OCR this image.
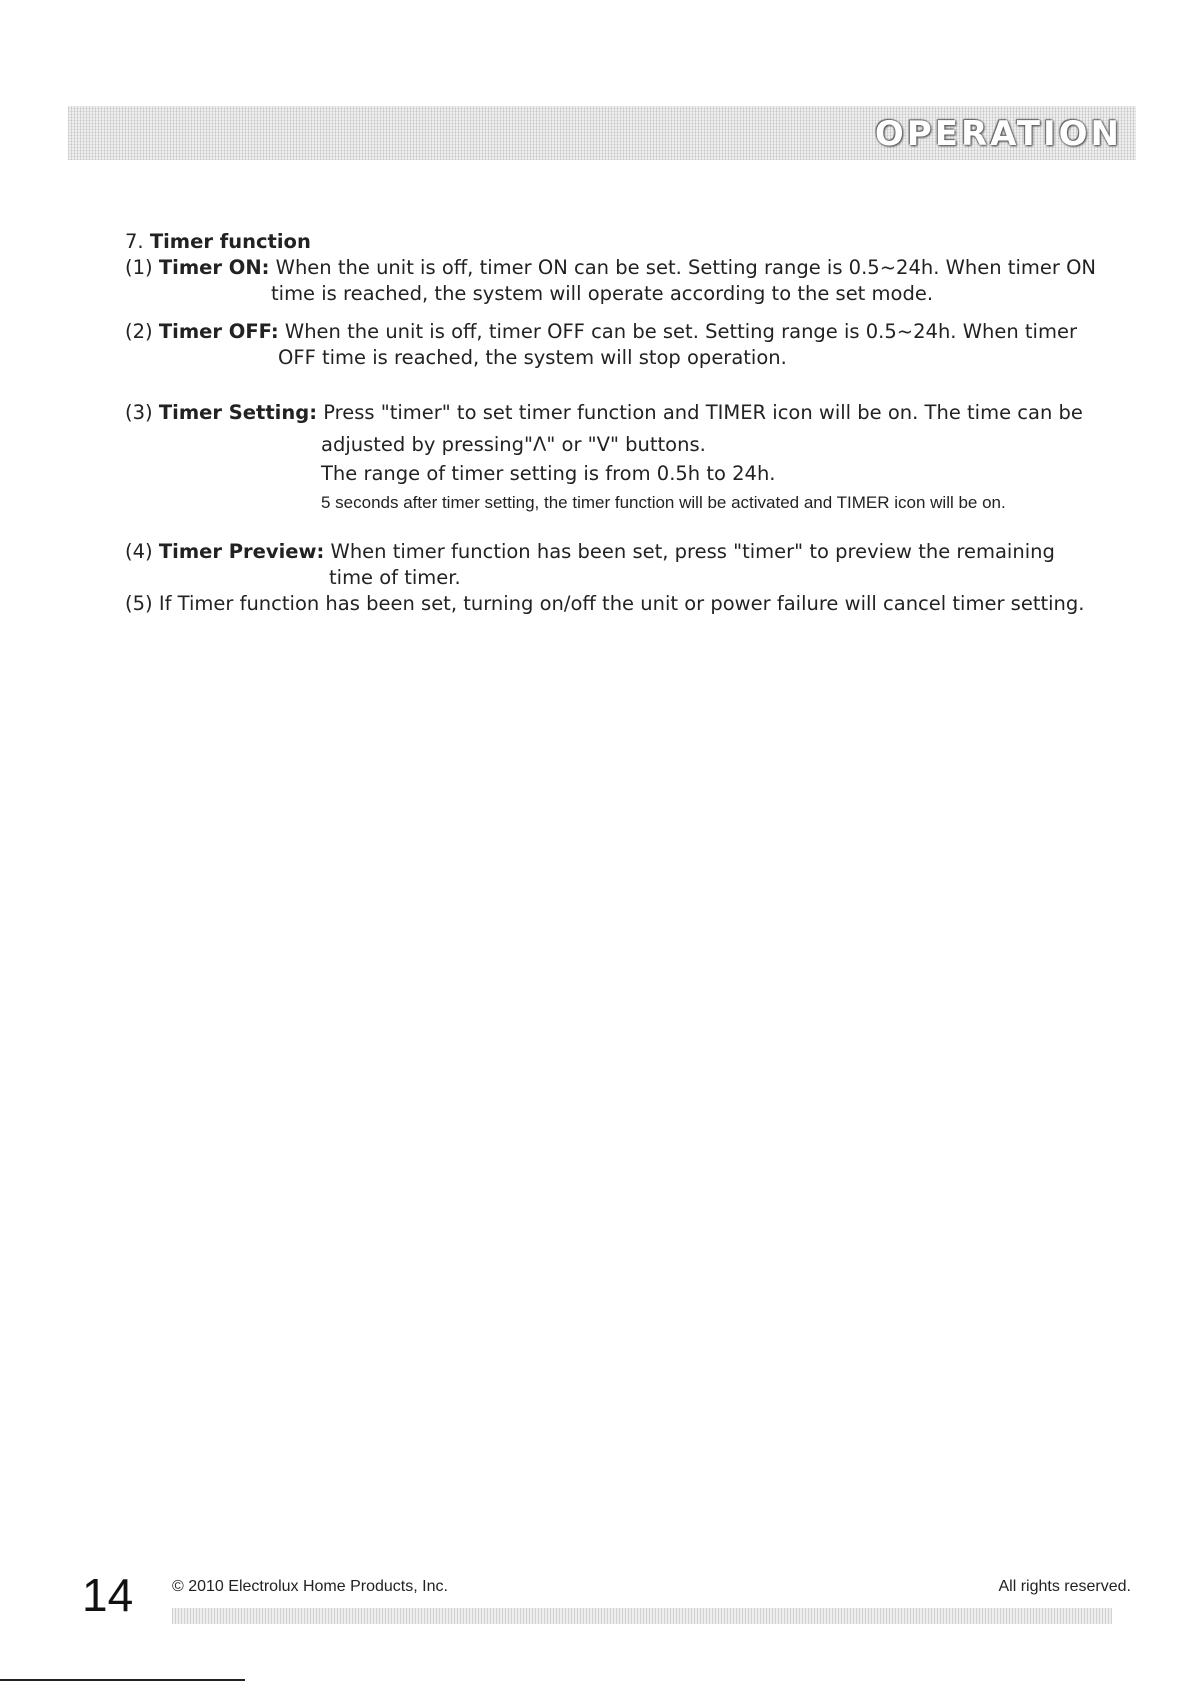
OPERATION
7. Timer function
(1) Timer ON: When the unit is off, timer ON can be set. Setting range is 0.5~24h. When timer ON
time is reached, the system will operate according to the set mode.
(2) Timer OFF: When the unit is off, timer OFF can be set. Setting range is 0.5~24h. When timer
OFF time is reached, the system will stop operation.
(3) Timer Setting: Press "timer" to set timer function and TIMER icon will be on. The time can be
adjusted by pressing"Λ" or "V" buttons.
The range of timer setting is from 0.5h to 24h.
5 seconds after timer setting, the timer function will be activated and TIMER icon will be on.
(4) Timer Preview: When timer function has been set, press "timer" to preview the remaining
time of timer.
(5) If Timer function has been set, turning on/off the unit or power failure will cancel timer setting.
14 © 2010 Electrolux Home Products, Inc.	All rights reserved.
